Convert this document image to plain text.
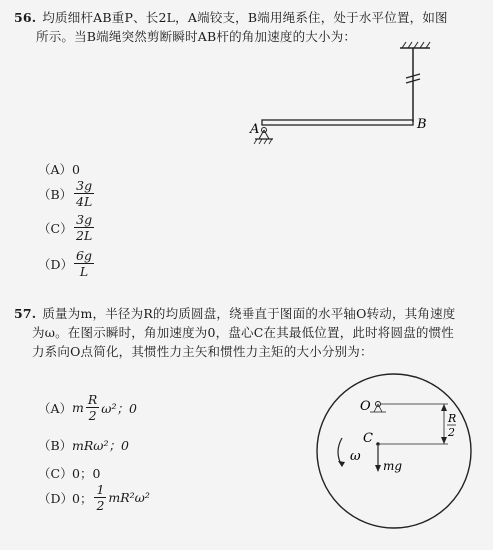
56. 均质细杆AB重P、长2L，A端铰支，B端用绳系住，处于水平位置，如图
所示。当B端绳突然剪断瞬时AB杆的角加速度的大小为：
A	B
（A） 0
$(B) \frac{3g}{4L}$
$(C) \frac{3g}{2L}$
$(D) \frac{6g}{L}$
57. 质量为m，半径为R的均质圆盘，绕垂直于图面的水平轴O转动，其角速度
为ω。在图示瞬时，角加速度为0，盘心C在其最低位置，此时将圆盘的惯性
力系向O点简化，其惯性力主矢和惯性力主矩的大小分别为：
O
C
R
2
mg
ω
（A） m $\frac{R}{2} \omega^2$；0
（B） mRω²；0
（C） 0；0
（D）
0； $\frac{1}{2} mR^2\omega^2$
